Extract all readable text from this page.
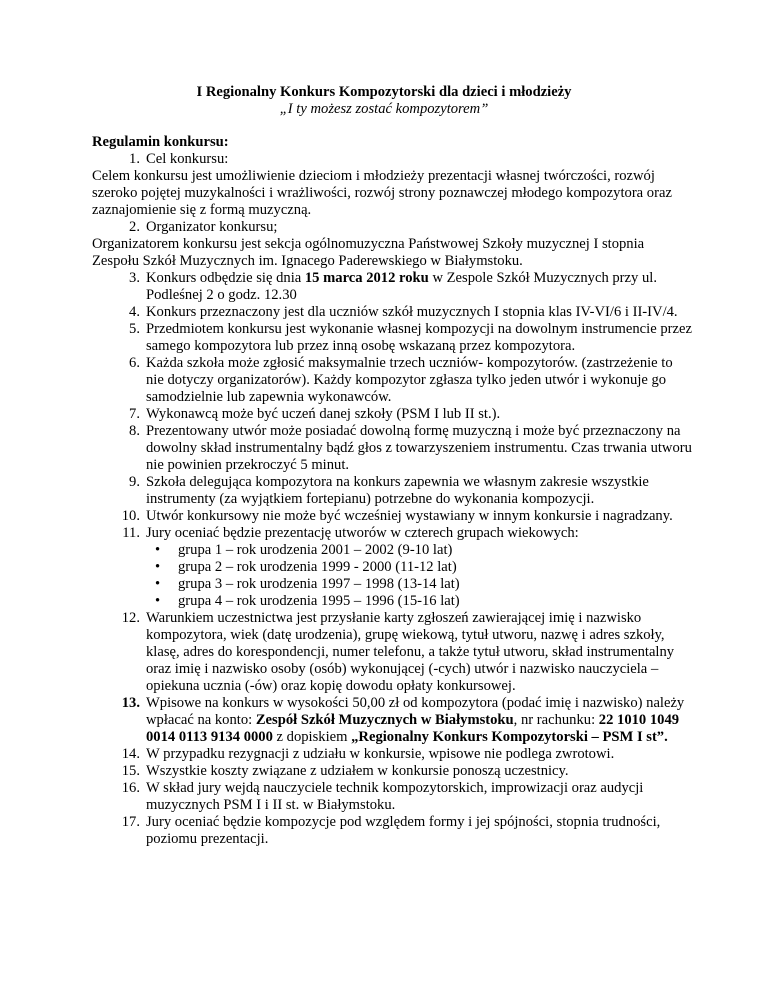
I Regionalny Konkurs Kompozytorski dla dzieci i młodzieży
„I ty możesz zostać kompozytorem”

Regulamin konkursu:

1. Cel konkursu:

Celem konkursu jest umożliwienie dzieciom i młodzieży prezentacji własnej twórczości, rozwój szeroko pojętej muzykalności i wrażliwości, rozwój strony poznawczej młodego kompozytora oraz zaznajomienie się z formą muzyczną.

2. Organizator konkursu;

Organizatorem konkursu jest sekcja ogólnomuzyczna Państwowej Szkoły muzycznej I stopnia Zespołu Szkół Muzycznych im. Ignacego Paderewskiego w Białymstoku.

3. Konkurs odbędzie się dnia 15 marca 2012 roku w Zespole Szkół Muzycznych przy ul. Podleśnej 2 o godz. 12.30

4. Konkurs przeznaczony jest dla uczniów szkół muzycznych I stopnia klas IV-VI/6 i II-IV/4.

5. Przedmiotem konkursu jest wykonanie własnej kompozycji na dowolnym instrumencie przez samego kompozytora lub przez inną osobę wskazaną przez kompozytora.

6. Każda szkoła może zgłosić maksymalnie trzech uczniów- kompozytorów. (zastrzeżenie to nie dotyczy organizatorów). Każdy kompozytor zgłasza tylko jeden utwór i wykonuje go samodzielnie lub zapewnia wykonawców.

7. Wykonawcą może być uczeń danej szkoły (PSM I lub II st.).

8. Prezentowany utwór może posiadać dowolną formę muzyczną i może być przeznaczony na dowolny skład instrumentalny bądź głos z towarzyszeniem instrumentu. Czas trwania utworu nie powinien przekroczyć 5 minut.

9. Szkoła delegująca kompozytora na konkurs zapewnia we własnym zakresie wszystkie instrumenty (za wyjątkiem fortepianu) potrzebne do wykonania kompozycji.

10. Utwór konkursowy nie może być wcześniej wystawiany w innym konkursie i nagradzany.

11. Jury oceniać będzie prezentację utworów w czterech grupach wiekowych:

• grupa 1 – rok urodzenia 2001 – 2002 (9-10 lat)
• grupa 2 – rok urodzenia 1999 - 2000 (11-12 lat)
• grupa 3 – rok urodzenia 1997 – 1998 (13-14 lat)
• grupa 4 – rok urodzenia 1995 – 1996 (15-16 lat)

12. Warunkiem uczestnictwa jest przysłanie karty zgłoszeń zawierającej imię i nazwisko kompozytora, wiek (datę urodzenia), grupę wiekową, tytuł utworu, nazwę i adres szkoły, klasę, adres do korespondencji, numer telefonu, a także tytuł utworu, skład instrumentalny oraz imię i nazwisko osoby (osób) wykonującej (-cych) utwór i nazwisko nauczyciela –opiekuna ucznia (-ów) oraz kopię dowodu opłaty konkursowej.

13. Wpisowe na konkurs w wysokości 50,00 zł od kompozytora (podać imię i nazwisko) należy wpłacać na konto: Zespół Szkół Muzycznych w Białymstoku, nr rachunku: 22 1010 1049 0014 0113 9134 0000 z dopiskiem „Regionalny Konkurs Kompozytorski – PSM I st”.

14. W przypadku rezygnacji z udziału w konkursie, wpisowe nie podlega zwrotowi.

15. Wszystkie koszty związane z udziałem w konkursie ponoszą uczestnicy.

16. W skład jury wejdą nauczyciele technik kompozytorskich, improwizacji oraz audycji muzycznych PSM I i II st. w Białymstoku.

17. Jury oceniać będzie kompozycje pod względem formy i jej spójności, stopnia trudności, poziomu prezentacji.
